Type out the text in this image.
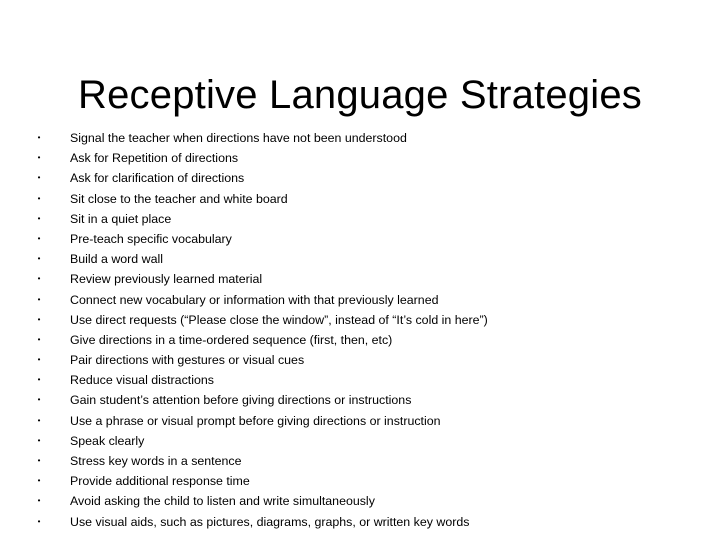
Receptive Language Strategies
• Signal the teacher when directions have not been understood
• Ask for Repetition of directions
• Ask for clarification of directions
• Sit close to the teacher and white board
• Sit in a quiet place
• Pre-teach specific vocabulary
• Build a word wall
• Review previously learned material
• Connect new vocabulary or information with that previously learned
• Use direct requests (“Please close the window”, instead of “It’s cold in here”)
• Give directions in a time-ordered sequence (first, then, etc)
• Pair directions with gestures or visual cues
• Reduce visual distractions
• Gain student’s attention before giving directions or instructions
• Use a phrase or visual prompt before giving directions or instruction
• Speak clearly
• Stress key words in a sentence
• Provide additional response time
• Avoid asking the child to listen and write simultaneously
• Use visual aids, such as pictures, diagrams, graphs, or written key words
